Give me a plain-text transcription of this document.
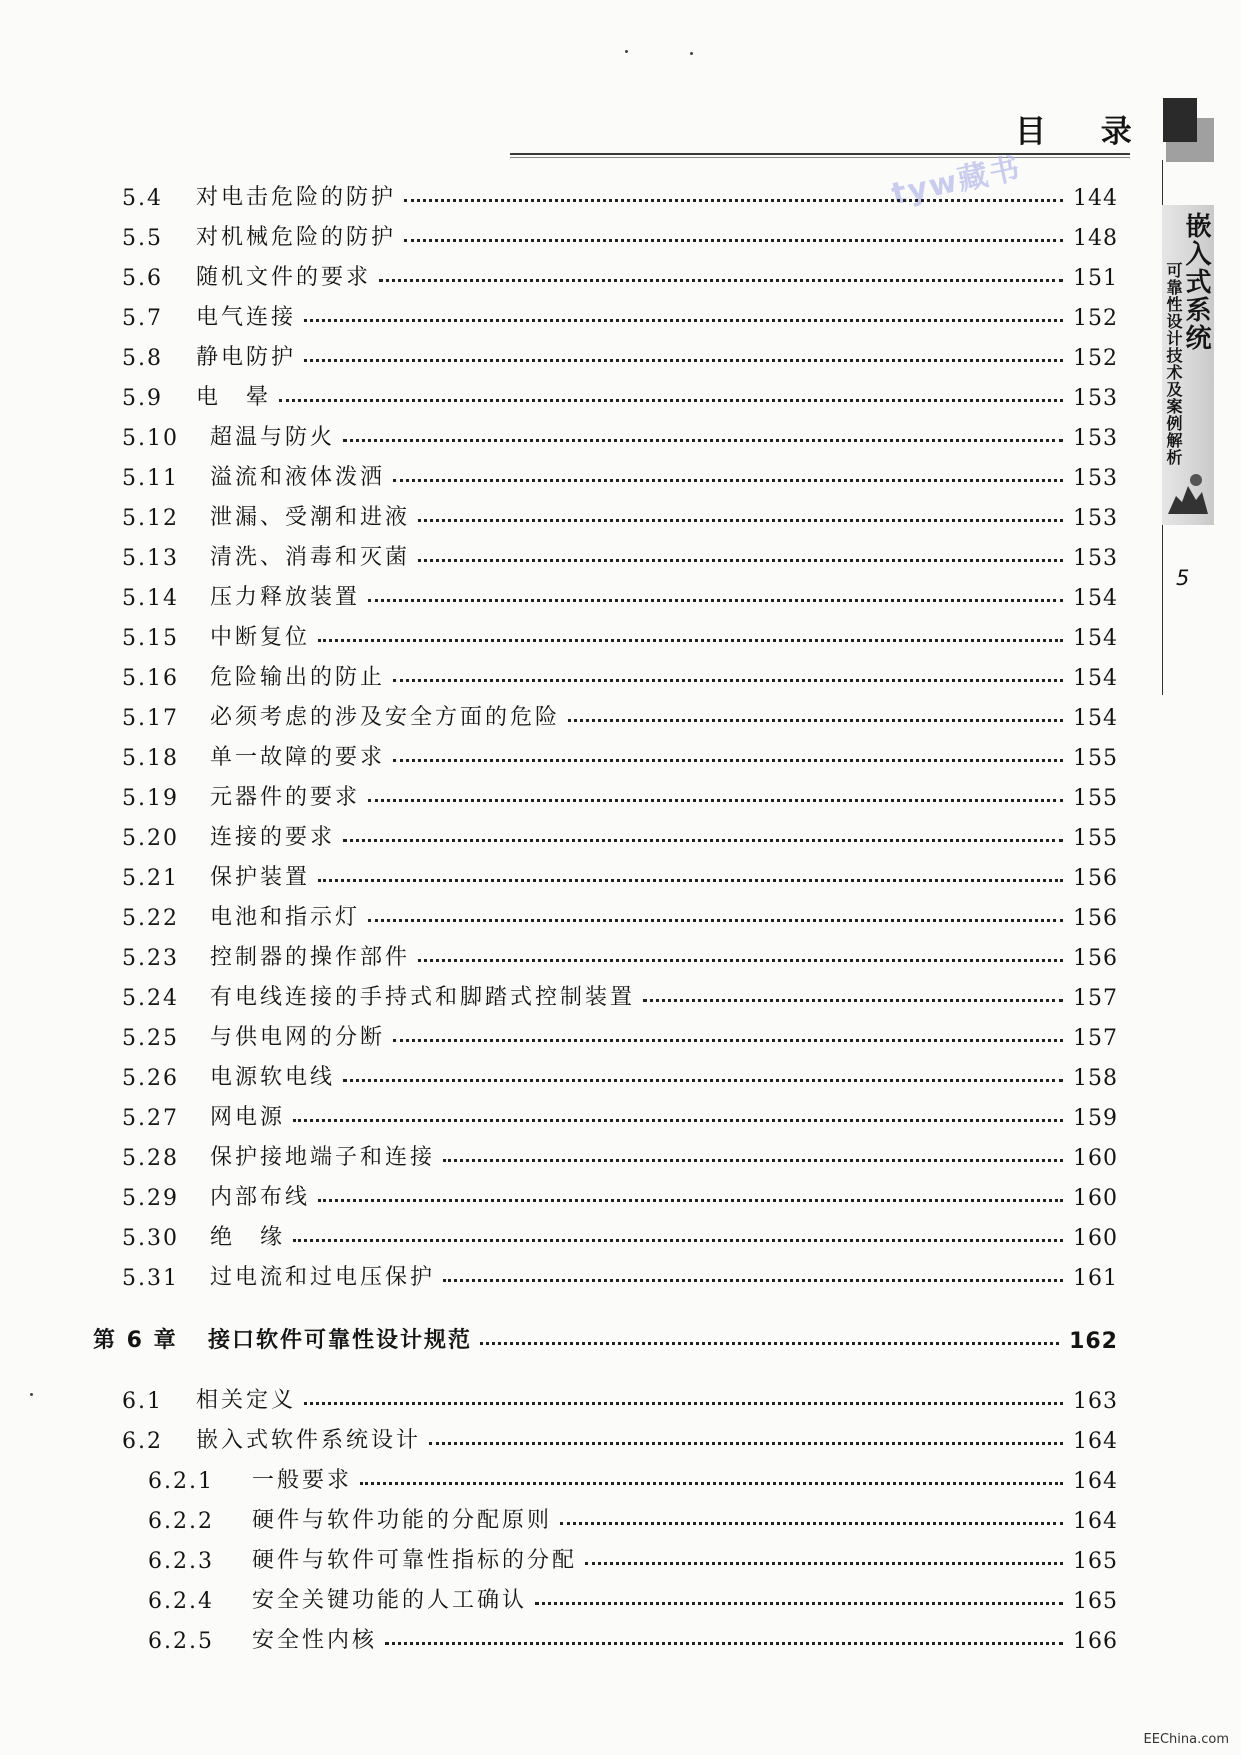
目 录
嵌入式系统
可靠性设计技术及案例解析
5
tyw藏书
5.4	对电击危险的防护	144
5.5	对机械危险的防护	148
5.6	随机文件的要求	151
5.7	电气连接	152
5.8	静电防护	152
5.9	电　晕	153
5.10	超温与防火	153
5.11	溢流和液体泼洒	153
5.12	泄漏、受潮和进液	153
5.13	清洗、消毒和灭菌	153
5.14	压力释放装置	154
5.15	中断复位	154
5.16	危险输出的防止	154
5.17	必须考虑的涉及安全方面的危险	154
5.18	单一故障的要求	155
5.19	元器件的要求	155
5.20	连接的要求	155
5.21	保护装置	156
5.22	电池和指示灯	156
5.23	控制器的操作部件	156
5.24	有电线连接的手持式和脚踏式控制装置	157
5.25	与供电网的分断	157
5.26	电源软电线	158
5.27	网电源	159
5.28	保护接地端子和连接	160
5.29	内部布线	160
5.30	绝　缘	160
5.31	过电流和过电压保护	161
第 6 章	接口软件可靠性设计规范	162
6.1	相关定义	163
6.2	嵌入式软件系统设计	164
6.2.1	一般要求	164
6.2.2	硬件与软件功能的分配原则	164
6.2.3	硬件与软件可靠性指标的分配	165
6.2.4	安全关键功能的人工确认	165
6.2.5	安全性内核	166
EEChina.com
